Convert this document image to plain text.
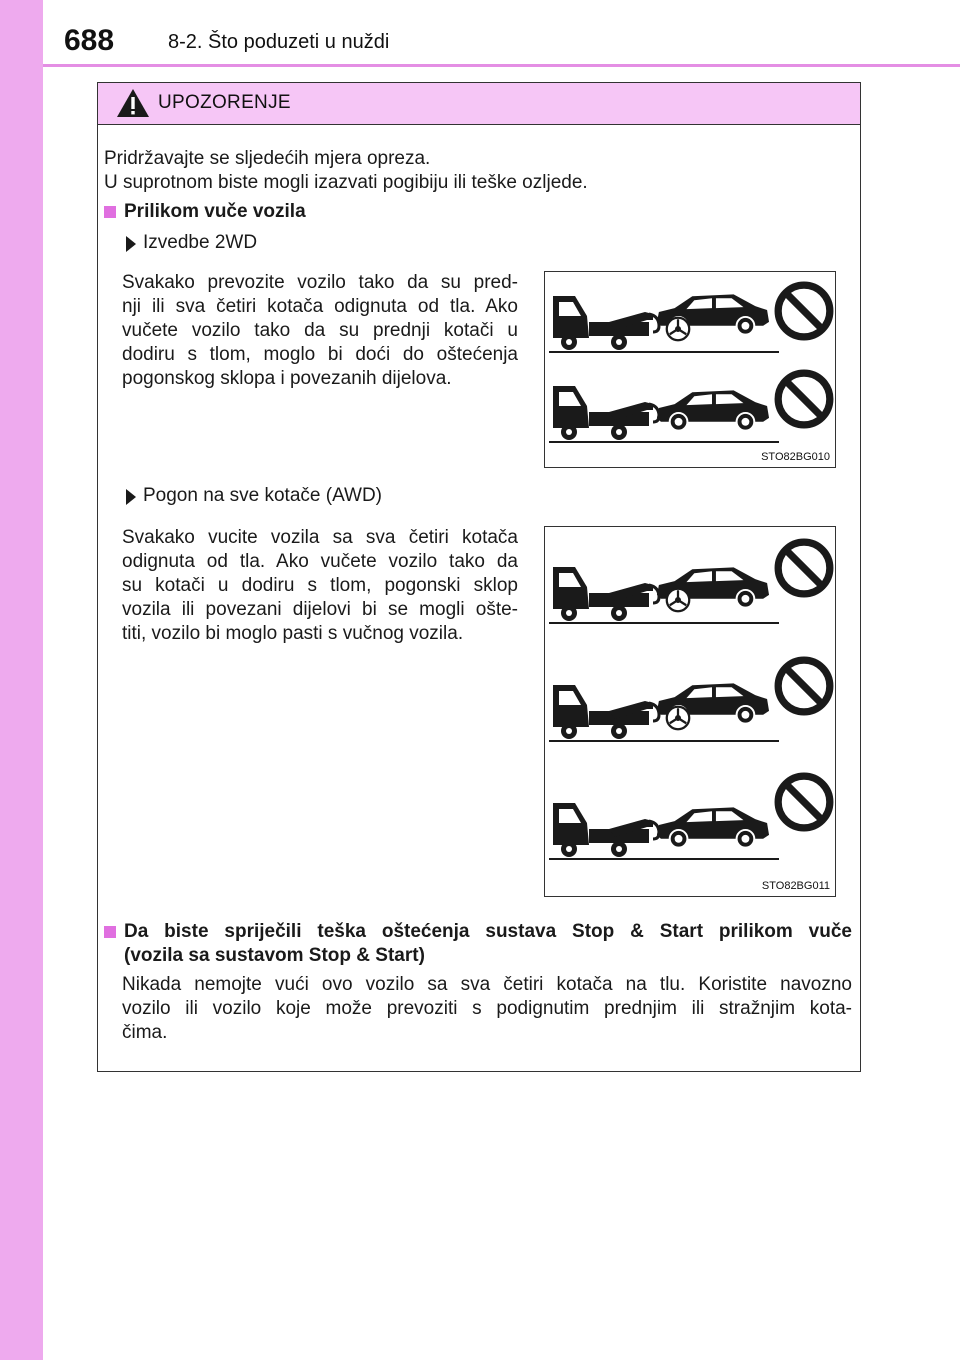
688	8-2. Što poduzeti u nuždi
UPOZORENJE
Pridržavajte se sljedećih mjera opreza.
U suprotnom biste mogli izazvati pogibiju ili teške ozljede.
Prilikom vuče vozila
Izvedbe 2WD
Svakako prevozite vozilo tako da su pred-
nji ili sva četiri kotača odignuta od tla. Ako
vučete vozilo tako da su prednji kotači u
dodiru s tlom, moglo bi doći do oštećenja
pogonskog sklopa i povezanih dijelova.
STO82BG010
Pogon na sve kotače (AWD)
Svakako vucite vozila sa sva četiri kotača
odignuta od tla. Ako vučete vozilo tako da
su kotači u dodiru s tlom, pogonski sklop
vozila ili povezani dijelovi bi se mogli ošte-
titi, vozilo bi moglo pasti s vučnog vozila.
STO82BG011
Da biste spriječili teška oštećenja sustava Stop & Start prilikom vuče
(vozila sa sustavom Stop & Start)
Nikada nemojte vući ovo vozilo sa sva četiri kotača na tlu. Koristite navozno
vozilo ili vozilo koje može prevoziti s podignutim prednjim ili stražnjim kota-
čima.
